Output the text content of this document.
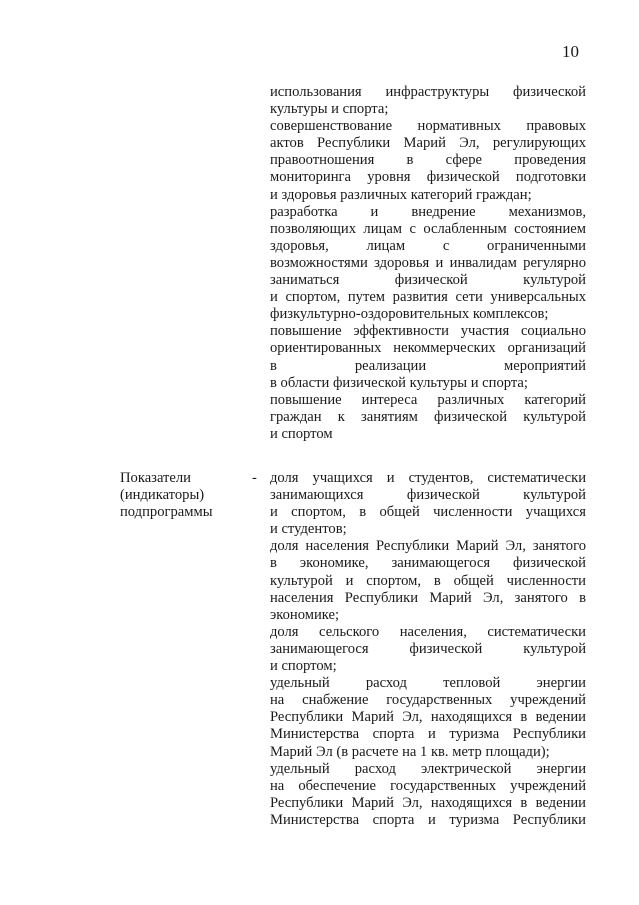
10
использования инфраструктуры физической
культуры и спорта;
совершенствование нормативных правовых
актов Республики Марий Эл, регулирующих
правоотношения в сфере проведения
мониторинга уровня физической подготовки
и здоровья различных категорий граждан;
разработка и внедрение механизмов,
позволяющих лицам с ослабленным состоянием
здоровья, лицам с ограниченными
возможностями здоровья и инвалидам регулярно
заниматься физической культурой
и спортом, путем развития сети универсальных
физкультурно-оздоровительных комплексов;
повышение эффективности участия социально
ориентированных некоммерческих организаций
в реализации мероприятий
в области физической культуры и спорта;
повышение интереса различных категорий
граждан к занятиям физической культурой
и спортом
Показатели
(индикаторы)
подпрограммы
- доля учащихся и студентов, систематически
занимающихся физической культурой
и спортом, в общей численности учащихся
и студентов;
доля населения Республики Марий Эл, занятого
в экономике, занимающегося физической
культурой и спортом, в общей численности
населения Республики Марий Эл, занятого в
экономике;
доля сельского населения, систематически
занимающегося физической культурой
и спортом;
удельный расход тепловой энергии
на снабжение государственных учреждений
Республики Марий Эл, находящихся в ведении
Министерства спорта и туризма Республики
Марий Эл (в расчете на 1 кв. метр площади);
удельный расход электрической энергии
на обеспечение государственных учреждений
Республики Марий Эл, находящихся в ведении
Министерства спорта и туризма Республики
